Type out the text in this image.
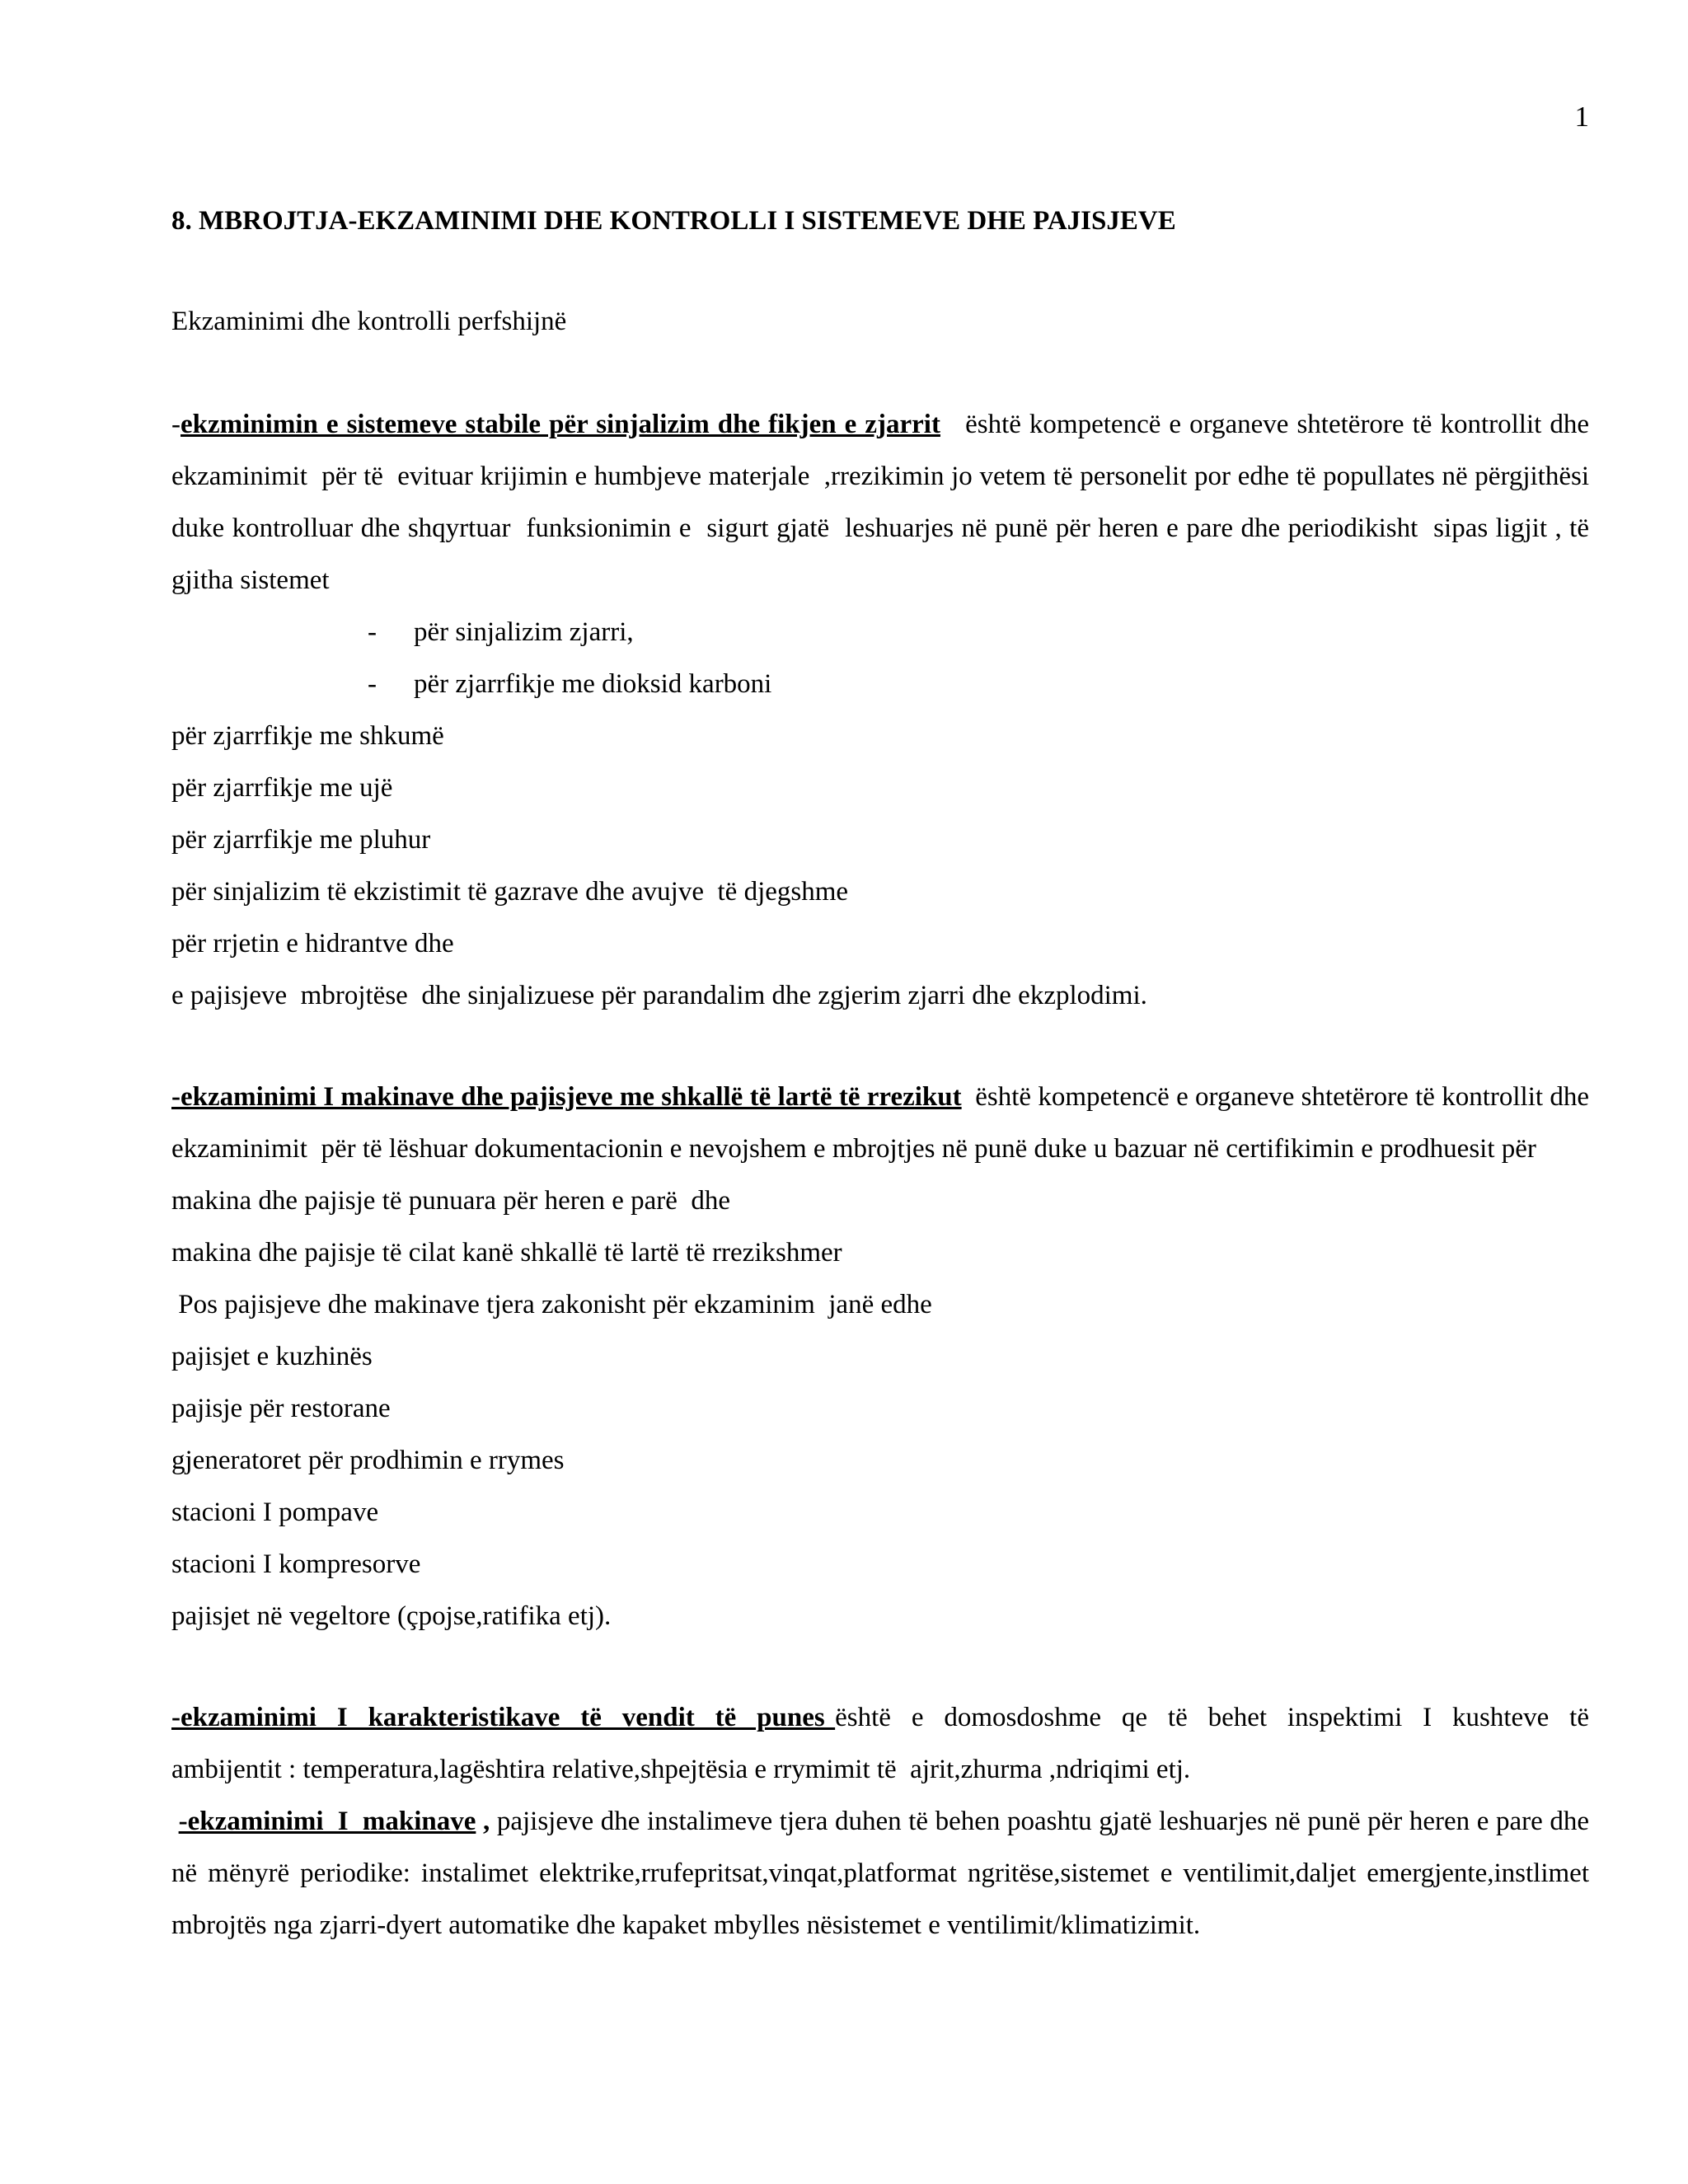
1
8. MBROJTJA-EKZAMINIMI DHE KONTROLLI I SISTEMEVE DHE PAJISJEVE

Ekzaminimi dhe kontrolli perfshijnë

-ekzminimin e sistemeve stabile për sinjalizim dhe fikjen e zjarrit   është kompetencë e organeve shtetërore të kontrollit dhe ekzaminimit  për të  evituar krijimin e humbjeve materjale  ,rrezikimin jo vetem të personelit por edhe të popullates në përgjithësi  duke kontrolluar dhe shqyrtuar  funksionimin e  sigurt gjatë  leshuarjes në punë për heren e pare dhe periodikisht  sipas ligjit , të gjitha sistemet

- për sinjalizim zjarri,

- për zjarrfikje me dioksid karboni

për zjarrfikje me shkumë

për zjarrfikje me ujë

për zjarrfikje me pluhur

për sinjalizim të ekzistimit të gazrave dhe avujve  të djegshme

për rrjetin e hidrantve dhe

e pajisjeve  mbrojtëse  dhe sinjalizuese për parandalim dhe zgjerim zjarri dhe ekzplodimi.

-ekzaminimi I makinave dhe pajisjeve me shkallë të lartë të rrezikut  është kompetencë e organeve shtetërore të kontrollit dhe ekzaminimit  për të lëshuar dokumentacionin e nevojshem e mbrojtjes në punë duke u bazuar në certifikimin e prodhuesit për

makina dhe pajisje të punuara për heren e parë  dhe

makina dhe pajisje të cilat kanë shkallë të lartë të rrezikshmer

Pos pajisjeve dhe makinave tjera zakonisht për ekzaminim  janë edhe

pajisjet e kuzhinës

pajisje për restorane

gjeneratoret për prodhimin e rrymes

stacioni I pompave

stacioni I kompresorve

pajisjet në vegeltore (çpojse,ratifika etj).

-ekzaminimi  I  karakteristikave  të  vendit  të  punes është  e  domosdoshme  qe  të  behet  inspektimi  I  kushteve  të ambijentit : temperatura,lagështira relative,shpejtësia e rrymimit të  ajrit,zhurma ,ndriqimi etj.

-ekzaminimi  I  makinave , pajisjeve dhe instalimeve tjera duhen të behen poashtu gjatë leshuarjes në punë për heren e pare dhe në mënyrë periodike: instalimet elektrike,rrufepritsat,vinqat,platformat ngritëse,sistemet e ventilimit,daljet emergjente,instlimet mbrojtës nga zjarri-dyert automatike dhe kapaket mbylles nësistemet e ventilimit/klimatizimit.
